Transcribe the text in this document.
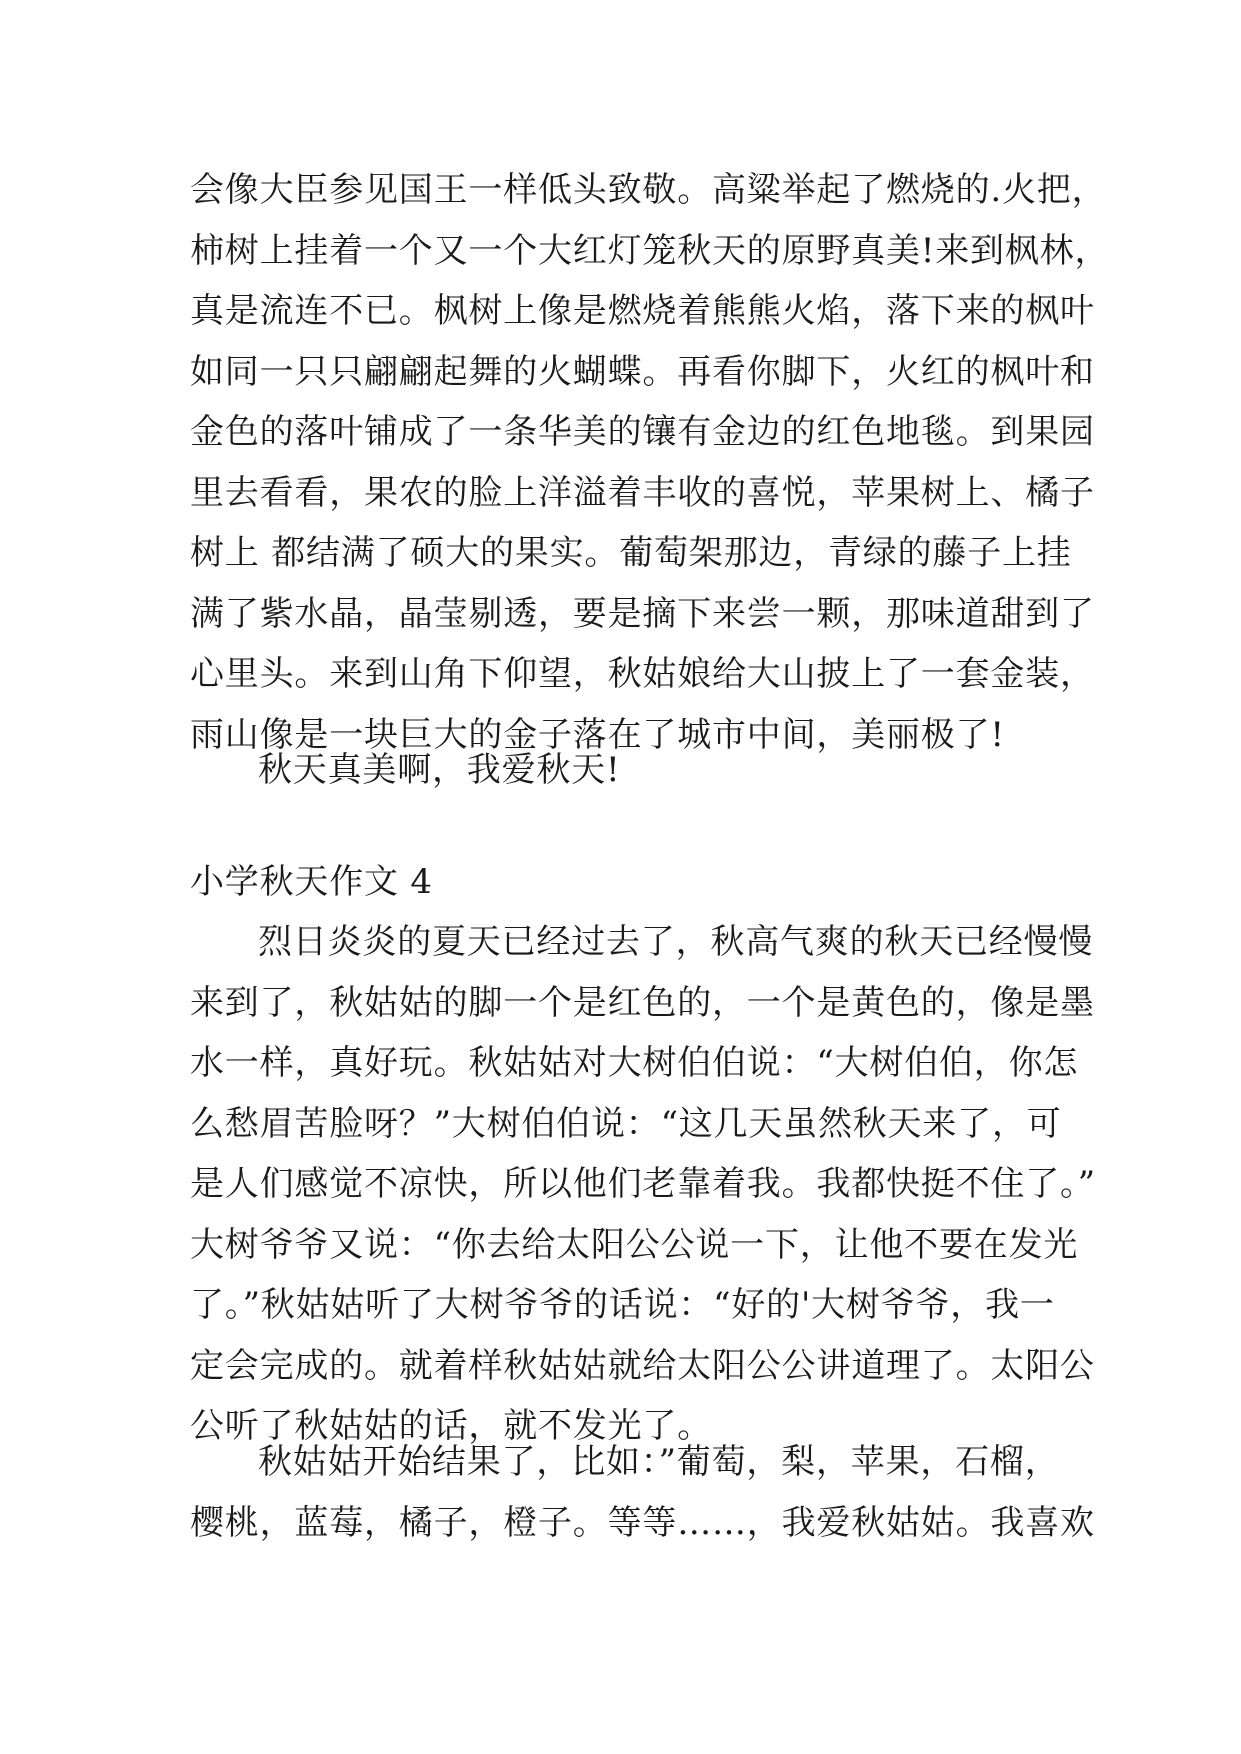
会像大臣参见国王一样低头致敬。高粱举起了燃烧的.火把，
柿树上挂着一个又一个大红灯笼秋天的原野真美!来到枫林，
真是流连不已。枫树上像是燃烧着熊熊火焰，落下来的枫叶
如同一只只翩翩起舞的火蝴蝶。再看你脚下，火红的枫叶和
金色的落叶铺成了一条华美的镶有金边的红色地毯。到果园
里去看看，果农的脸上洋溢着丰收的喜悦，苹果树上、橘子
树上 都结满了硕大的果实。葡萄架那边，青绿的藤子上挂
满了紫水晶，晶莹剔透，要是摘下来尝一颗，那味道甜到了
心里头。来到山角下仰望，秋姑娘给大山披上了一套金装，
雨山像是一块巨大的金子落在了城市中间，美丽极了!
秋天真美啊，我爱秋天!
小学秋天作文 4
烈日炎炎的夏天已经过去了，秋高气爽的秋天已经慢慢
来到了，秋姑姑的脚一个是红色的，一个是黄色的，像是墨
水一样，真好玩。秋姑姑对大树伯伯说：“大树伯伯，你怎
么愁眉苦脸呀？”大树伯伯说：“这几天虽然秋天来了，可
是人们感觉不凉快，所以他们老靠着我。我都快挺不住了。”
大树爷爷又说：“你去给太阳公公说一下，让他不要在发光
了。”秋姑姑听了大树爷爷的话说：“好的'大树爷爷，我一
定会完成的。就着样秋姑姑就给太阳公公讲道理了。太阳公
公听了秋姑姑的话，就不发光了。
秋姑姑开始结果了，比如：”葡萄，梨，苹果，石榴，
樱桃，蓝莓，橘子，橙子。等等……，我爱秋姑姑。我喜欢
